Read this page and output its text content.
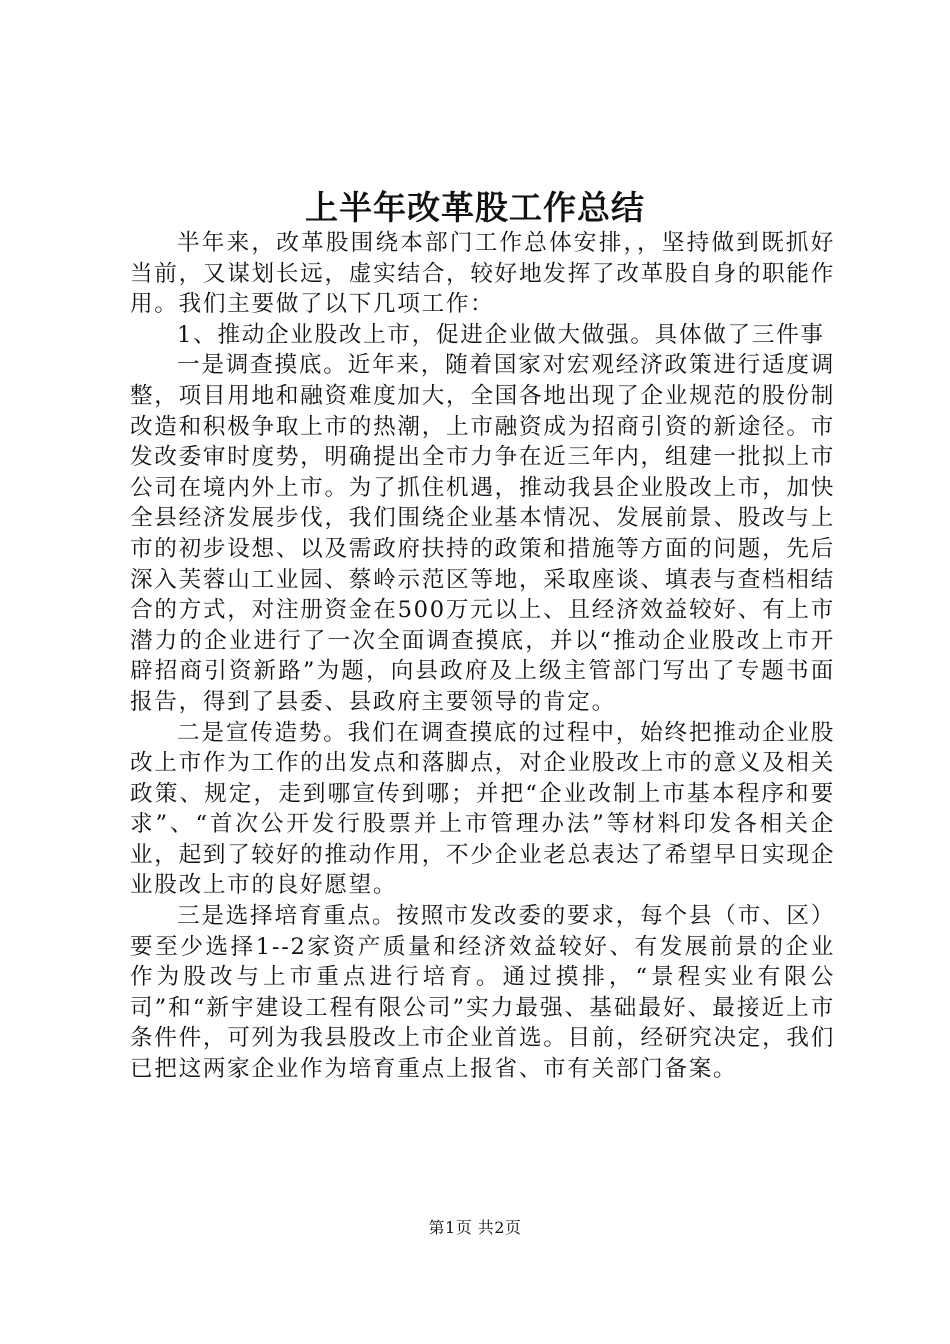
上半年改革股工作总结

半年来，改革股围绕本部门工作总体安排，，坚持做到既抓好当前，又谋划长远，虚实结合，较好地发挥了改革股自身的职能作用。我们主要做了以下几项工作：

1、推动企业股改上市，促进企业做大做强。具体做了三件事

一是调查摸底。近年来，随着国家对宏观经济政策进行适度调整，项目用地和融资难度加大，全国各地出现了企业规范的股份制改造和积极争取上市的热潮，上市融资成为招商引资的新途径。市发改委审时度势，明确提出全市力争在近三年内，组建一批拟上市公司在境内外上市。为了抓住机遇，推动我县企业股改上市，加快全县经济发展步伐，我们围绕企业基本情况、发展前景、股改与上市的初步设想、以及需政府扶持的政策和措施等方面的问题，先后深入芙蓉山工业园、蔡岭示范区等地，采取座谈、填表与查档相结合的方式，对注册资金在500万元以上、且经济效益较好、有上市潜力的企业进行了一次全面调查摸底，并以“推动企业股改上市开辟招商引资新路”为题，向县政府及上级主管部门写出了专题书面报告，得到了县委、县政府主要领导的肯定。

二是宣传造势。我们在调查摸底的过程中，始终把推动企业股改上市作为工作的出发点和落脚点，对企业股改上市的意义及相关政策、规定，走到哪宣传到哪；并把“企业改制上市基本程序和要求”、“首次公开发行股票并上市管理办法”等材料印发各相关企业，起到了较好的推动作用，不少企业老总表达了希望早日实现企业股改上市的良好愿望。

三是选择培育重点。按照市发改委的要求，每个县（市、区）要至少选择1--2家资产质量和经济效益较好、有发展前景的企业作为股改与上市重点进行培育。通过摸排，“景程实业有限公司”和“新宇建设工程有限公司”实力最强、基础最好、最接近上市条件件，可列为我县股改上市企业首选。目前，经研究决定，我们已把这两家企业作为培育重点上报省、市有关部门备案。

第1页 共2页
